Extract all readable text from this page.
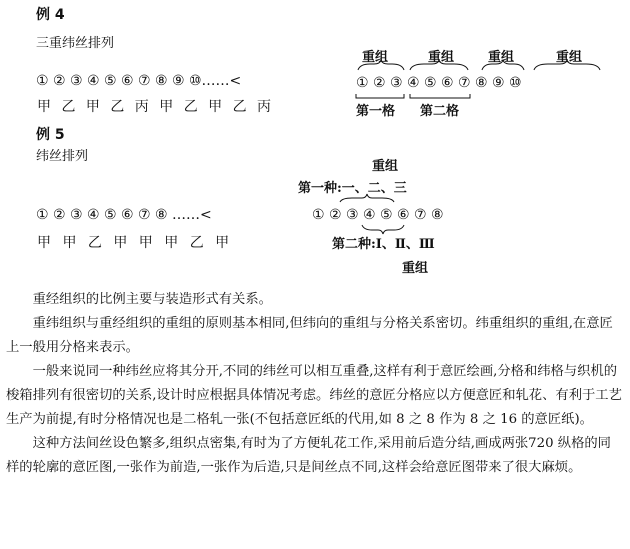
例 4
三重纬丝排列
① ② ③ ④ ⑤ ⑥ ⑦ ⑧ ⑨ ⑩……<
甲 乙 甲 乙 丙 甲 乙 甲 乙 丙
重组	重组	重组	重组
① ② ③ ④ ⑤ ⑥ ⑦ ⑧ ⑨ ⑩
第一格 第二格
例 5
纬丝排列
① ② ③ ④ ⑤ ⑥ ⑦ ⑧ ……<
甲 甲 乙 甲 甲 甲 乙 甲
重组
第一种:一、二、三
① ② ③ ④ ⑤ ⑥ ⑦ ⑧
第二种:Ⅰ、Ⅱ、Ⅲ
重组

重经组织的比例主要与装造形式有关系。

重纬组织与重经组织的重组的原则基本相同,但纬向的重组与分格关系密切。纬重组织的重组,在意匠上一般用分格来表示。

一般来说同一种纬丝应将其分开,不同的纬丝可以相互重叠,这样有利于意匠绘画,分格和纬格与织机的梭箱排列有很密切的关系,设计时应根据具体情况考虑。纬丝的意匠分格应以方便意匠和轧花、有利于工艺生产为前提,有时分格情况也是二格轧一张(不包括意匠纸的代用,如 8 之 8 作为 8 之 16 的意匠纸)。

这种方法间丝设色繁多,组织点密集,有时为了方便轧花工作,采用前后造分结,画成两张720 纵格的同样的轮廓的意匠图,一张作为前造,一张作为后造,只是间丝点不同,这样会给意匠图带来了很大麻烦。
